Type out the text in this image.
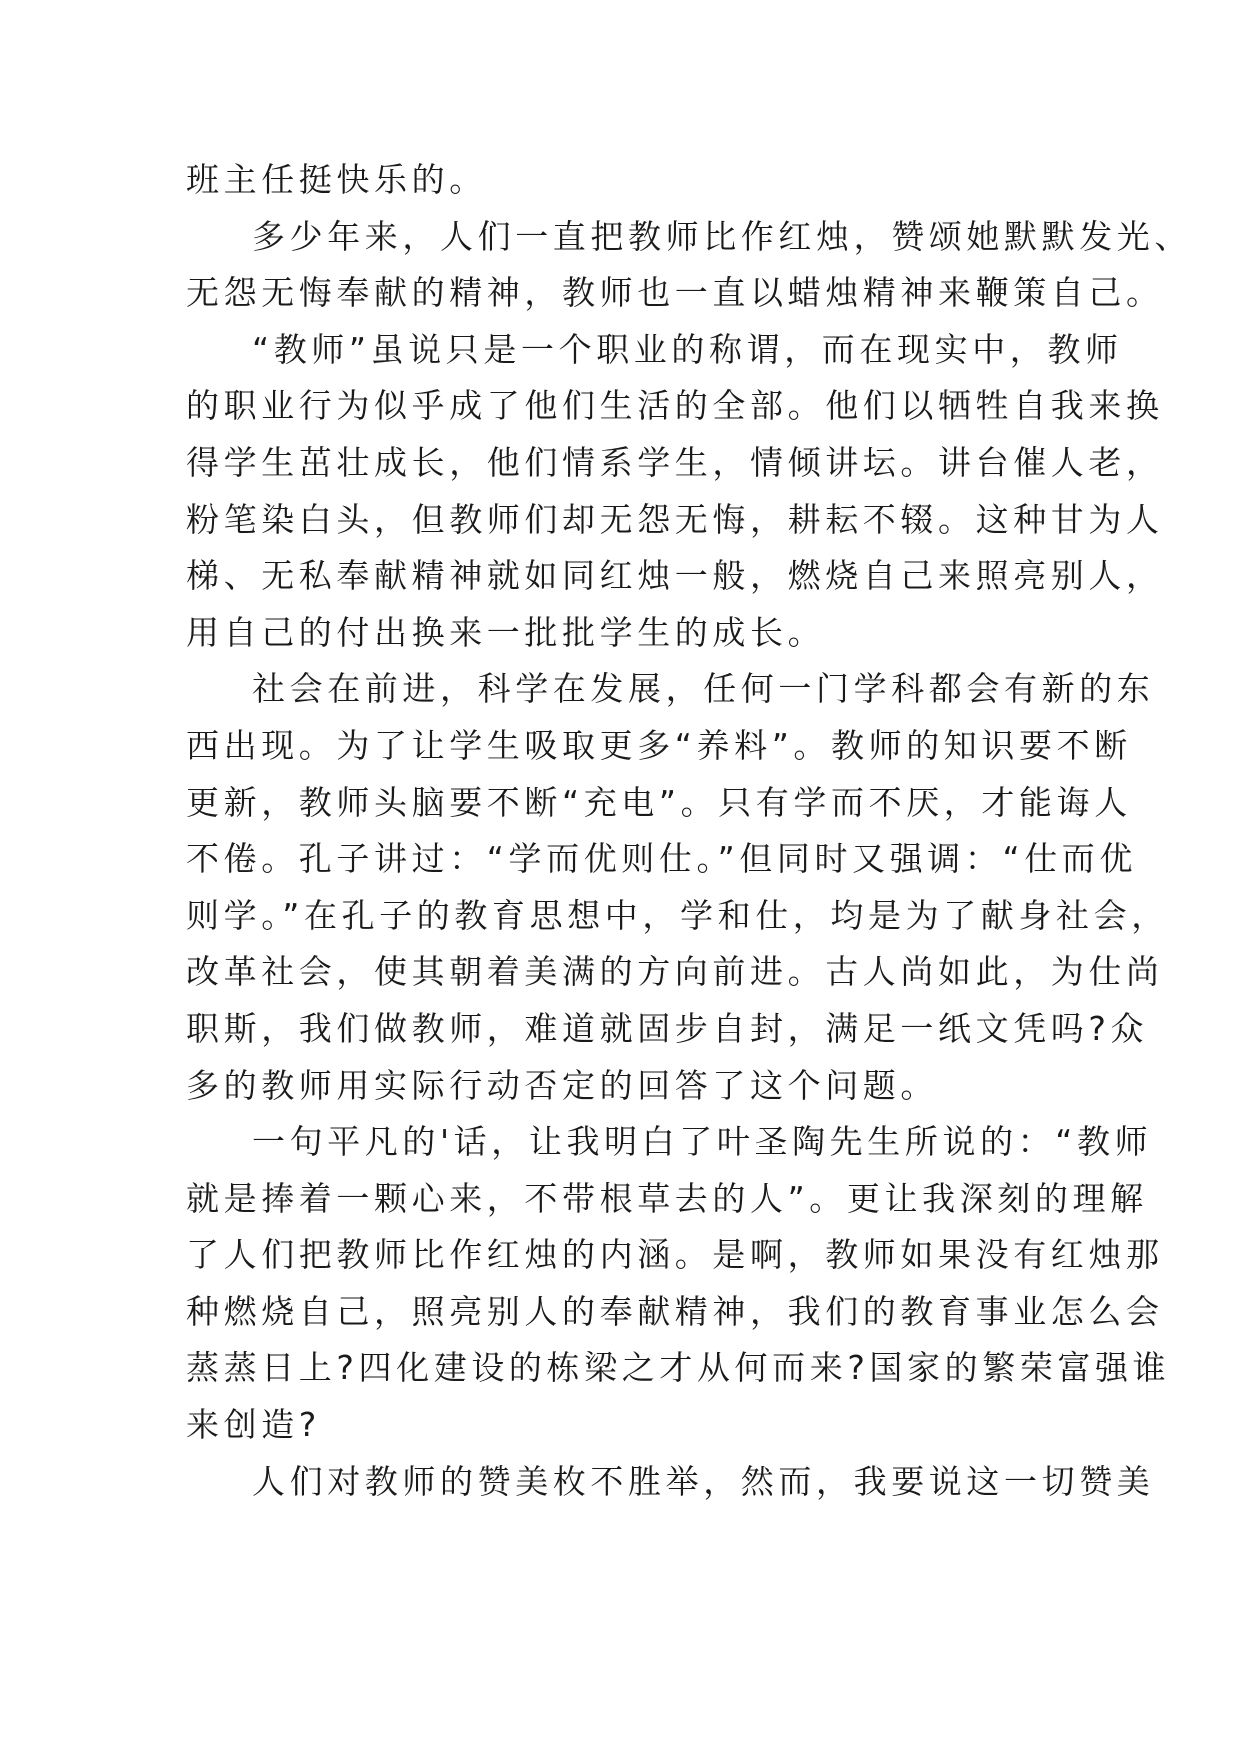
班主任挺快乐的。
多少年来，人们一直把教师比作红烛，赞颂她默默发光、
无怨无悔奉献的精神，教师也一直以蜡烛精神来鞭策自己。
“教师”虽说只是一个职业的称谓，而在现实中，教师
的职业行为似乎成了他们生活的全部。他们以牺牲自我来换
得学生茁壮成长，他们情系学生，情倾讲坛。讲台催人老，
粉笔染白头，但教师们却无怨无悔，耕耘不辍。这种甘为人
梯、无私奉献精神就如同红烛一般，燃烧自己来照亮别人，
用自己的付出换来一批批学生的成长。
社会在前进，科学在发展，任何一门学科都会有新的东
西出现。为了让学生吸取更多“养料”。教师的知识要不断
更新，教师头脑要不断“充电”。只有学而不厌，才能诲人
不倦。孔子讲过：“学而优则仕。”但同时又强调：“仕而优
则学。”在孔子的教育思想中，学和仕，均是为了献身社会，
改革社会，使其朝着美满的方向前进。古人尚如此，为仕尚
职斯，我们做教师，难道就固步自封，满足一纸文凭吗?众
多的教师用实际行动否定的回答了这个问题。
一句平凡的'话，让我明白了叶圣陶先生所说的：“教师
就是捧着一颗心来，不带根草去的人”。更让我深刻的理解
了人们把教师比作红烛的内涵。是啊，教师如果没有红烛那
种燃烧自己，照亮别人的奉献精神，我们的教育事业怎么会
蒸蒸日上?四化建设的栋梁之才从何而来?国家的繁荣富强谁
来创造?
人们对教师的赞美枚不胜举，然而，我要说这一切赞美
